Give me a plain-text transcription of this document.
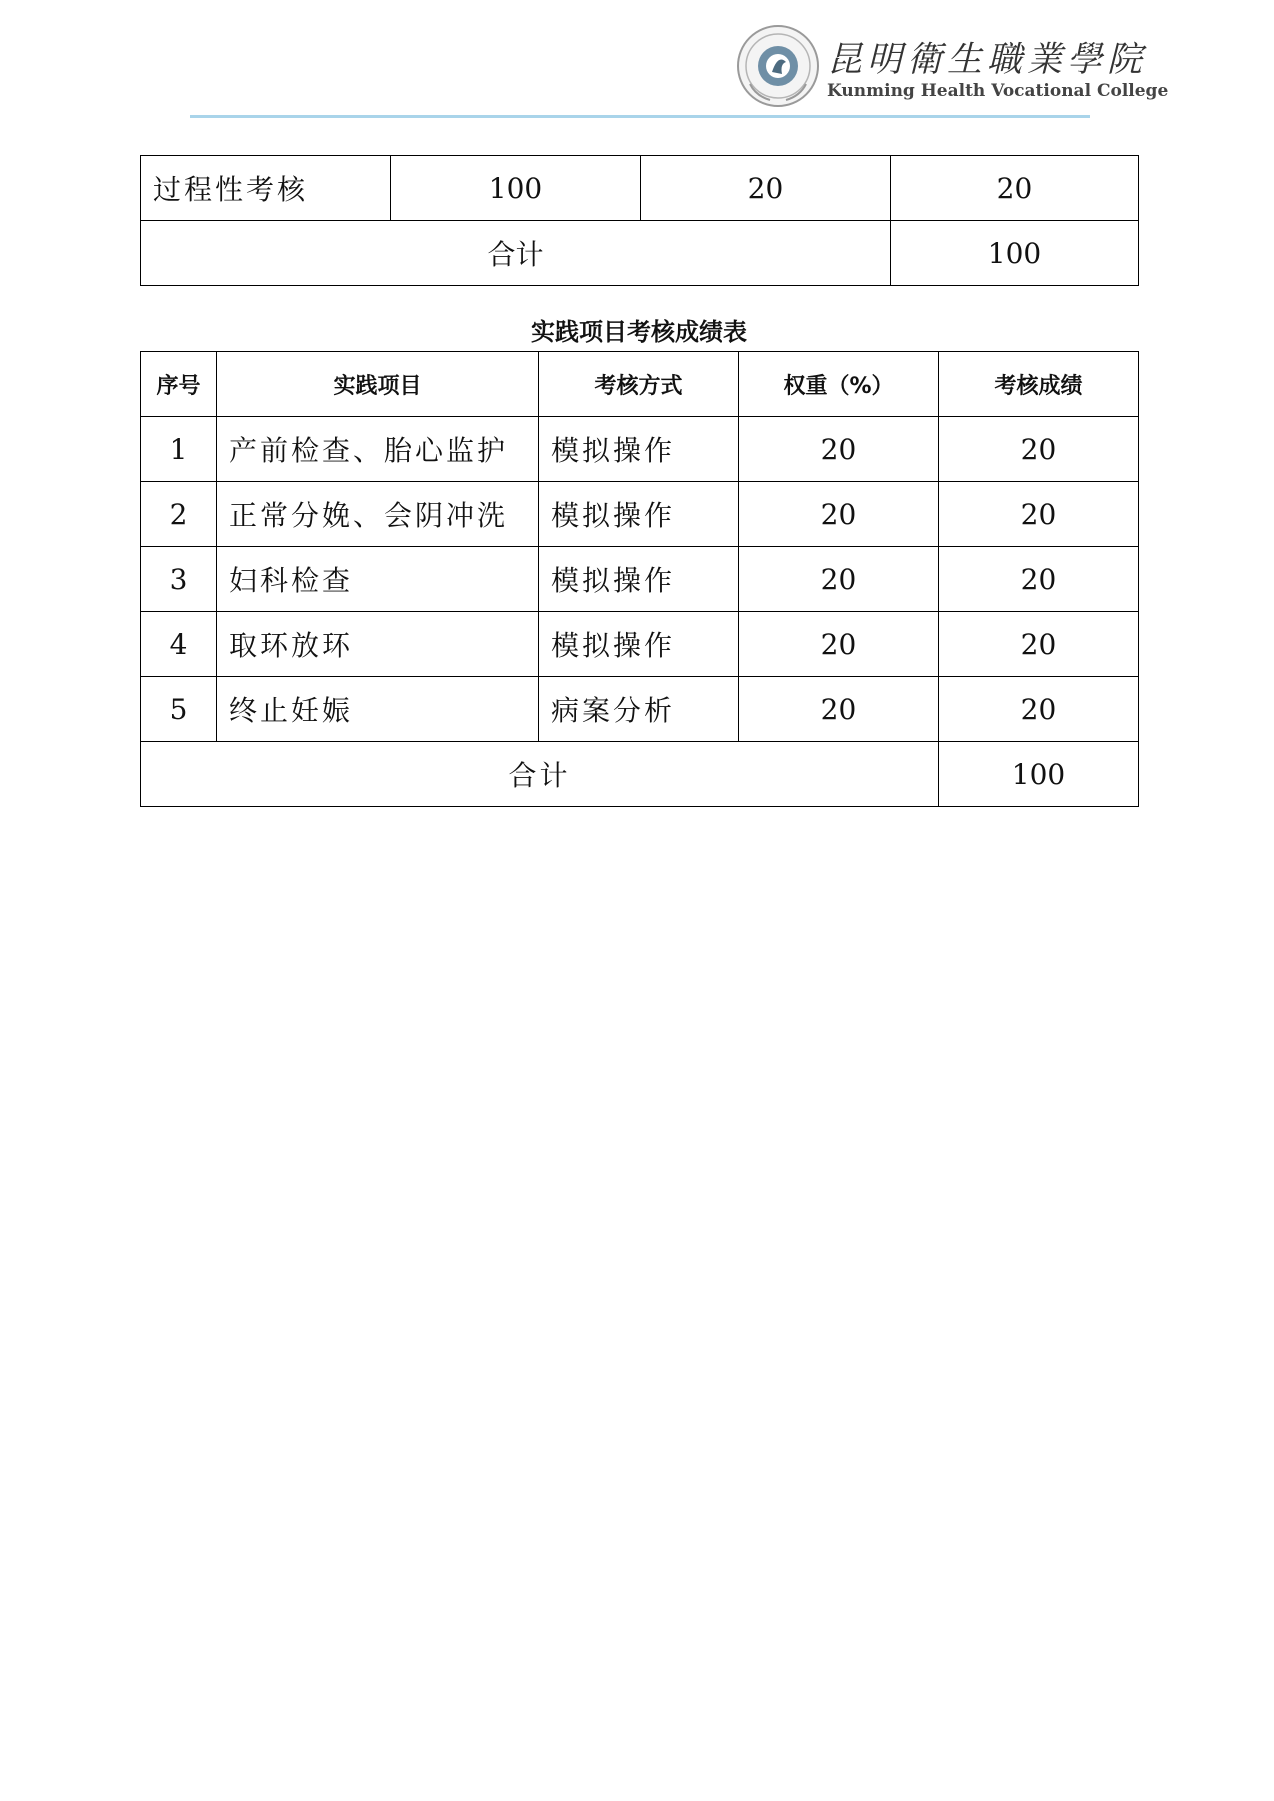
昆明衛生職業學院
Kunming Health Vocational College
过程性考核	100	20	20
合计			100
实践项目考核成绩表
序号	实践项目	考核方式	权重（%）	考核成绩
1	产前检查、胎心监护	模拟操作	20	20
2	正常分娩、会阴冲洗	模拟操作	20	20
3	妇科检查	模拟操作	20	20
4	取环放环	模拟操作	20	20
5	终止妊娠	病案分析	20	20
合计				100
